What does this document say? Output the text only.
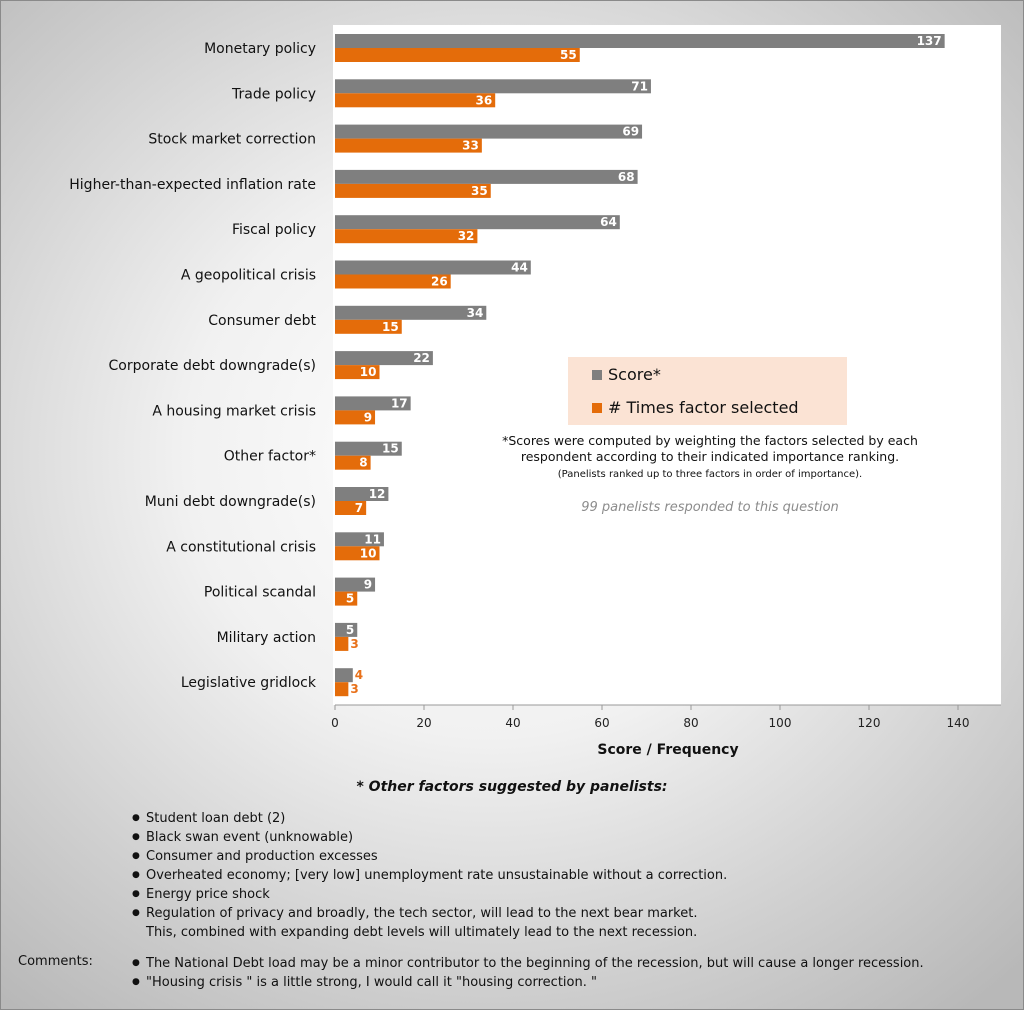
Monetary policy	137
55
Trade policy	71
36
Stock market correction	69
33
Higher-than-expected inflation rate	68
35
Fiscal policy	64
32
A geopolitical crisis	44
26
Consumer debt	34
15
Corporate debt downgrade(s)	22
10
A housing market crisis	17
9
Other factor*	15
8
Muni debt downgrade(s)	12
7
A constitutional crisis	11
10
Political scandal	9
5
Military action 5
3
Legislative gridlock	4
3
0	20	40	60	80	100	120	140
Score / Frequency
Score*
# Times factor selected
*Scores were computed by weighting the factors selected by each respondent according to their indicated importance ranking.
(Panelists ranked up to three factors in order of importance).
99 panelists responded to this question
* Other factors suggested by panelists:
● Student loan debt (2)
● Black swan event (unknowable)
● Consumer and production excesses
● Overheated economy; [very low] unemployment rate unsustainable without a correction.
● Energy price shock
● Regulation of privacy and broadly, the tech sector, will lead to the next bear market.
This, combined with expanding debt levels will ultimately lead to the next recession.
Comments:	● The National Debt load may be a minor contributor to the beginning of the recession, but will cause a longer recession.
● "Housing crisis " is a little strong, I would call it "housing correction. "
